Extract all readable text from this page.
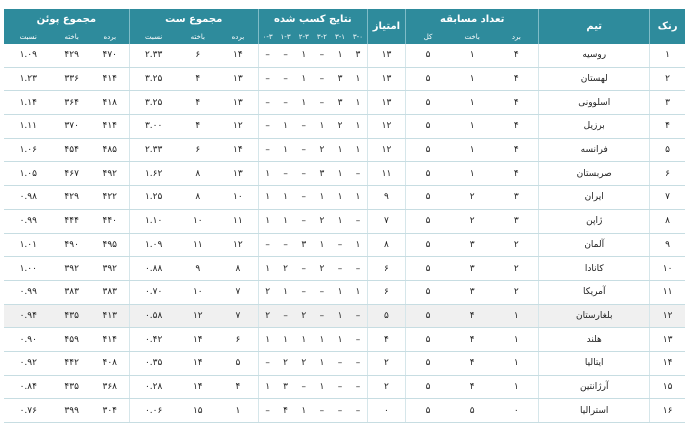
رنک	تیم	تعداد مسابقه			امتیاز	نتایج کسب شده						مجموع ست			مجموع پوئن		
		برد	باخت	کل		۳-۰	۳-۱	۳-۲	۲-۳	۱-۳	۰-۳	برده	باخته	نسبت	برده	باخته	نسبت
۱	روسیه	۴	۱	۵	۱۳	۳	۱	–	۱	–	–	۱۴	۶	۲.۳۳	۴۷۰	۴۲۹	۱.۰۹
۲	لهستان	۴	۱	۵	۱۳	۱	۳	–	۱	–	–	۱۳	۴	۳.۲۵	۴۱۴	۳۳۶	۱.۲۳
۳	اسلوونی	۴	۱	۵	۱۳	۱	۳	–	۱	–	–	۱۳	۴	۳.۲۵	۴۱۸	۳۶۴	۱.۱۴
۴	برزیل	۴	۱	۵	۱۲	۱	۲	۱	–	۱	–	۱۲	۴	۳.۰۰	۴۱۴	۳۷۰	۱.۱۱
۵	فرانسه	۴	۱	۵	۱۲	۱	۱	۲	–	۱	–	۱۴	۶	۲.۳۳	۴۸۵	۴۵۴	۱.۰۶
۶	صربستان	۴	۱	۵	۱۱	–	۱	۳	–	–	۱	۱۳	۸	۱.۶۲	۴۹۲	۴۶۷	۱.۰۵
۷	ایران	۳	۲	۵	۹	۱	۱	۱	–	۱	۱	۱۰	۸	۱.۲۵	۴۲۲	۴۲۹	۰.۹۸
۸	ژاپن	۳	۲	۵	۷	–	۱	۲	–	۱	۱	۱۱	۱۰	۱.۱۰	۴۴۰	۴۴۴	۰.۹۹
۹	آلمان	۲	۳	۵	۸	۱	–	۱	۳	–	–	۱۲	۱۱	۱.۰۹	۴۹۵	۴۹۰	۱.۰۱
۱۰	کانادا	۲	۳	۵	۶	–	–	۲	–	۲	۱	۸	۹	۰.۸۸	۳۹۲	۳۹۲	۱.۰۰
۱۱	آمریکا	۲	۳	۵	۶	۱	۱	–	–	۱	۲	۷	۱۰	۰.۷۰	۳۸۳	۳۸۳	۰.۹۹
۱۲	بلغارستان	۱	۴	۵	۵	–	۱	–	۲	–	۲	۷	۱۲	۰.۵۸	۴۱۳	۴۳۵	۰.۹۴
۱۳	هلند	۱	۴	۵	۴	–	۱	۱	۱	۱	۱	۶	۱۴	۰.۴۲	۴۱۴	۴۵۹	۰.۹۰
۱۴	ایتالیا	۱	۴	۵	۲	–	–	۱	۲	۲	–	۵	۱۴	۰.۳۵	۴۰۸	۴۴۲	۰.۹۲
۱۵	آرژانتین	۱	۴	۵	۲	–	–	۱	–	۳	۱	۴	۱۴	۰.۲۸	۳۶۸	۴۳۵	۰.۸۴
۱۶	استرالیا	۰	۵	۵	۰	–	–	–	۱	۴	–	۱	۱۵	۰.۰۶	۳۰۴	۳۹۹	۰.۷۶
